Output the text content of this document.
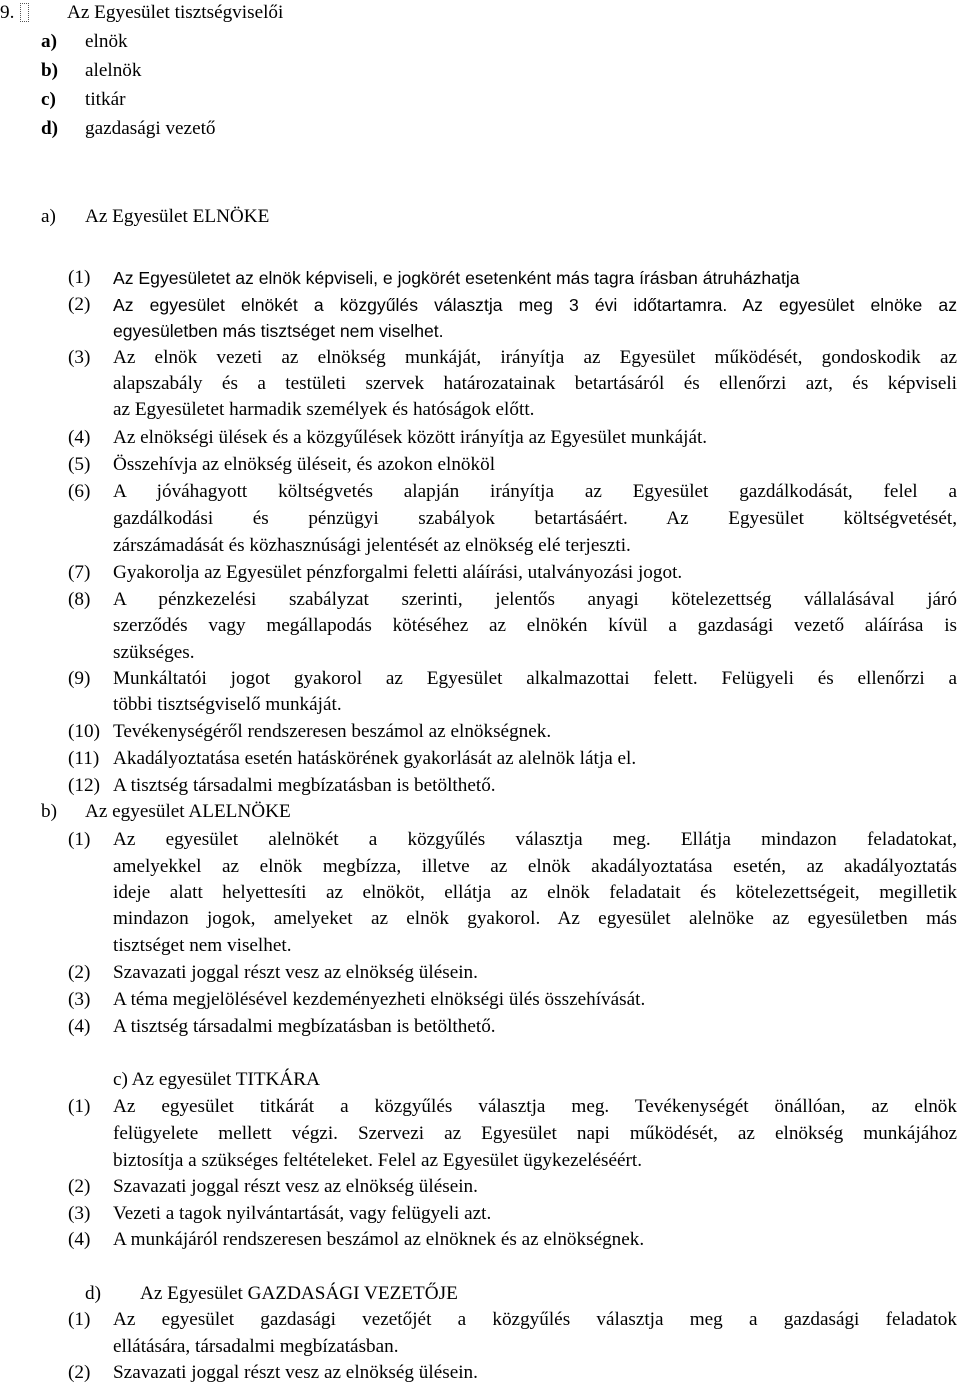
9.	Az Egyesület tisztségviselői
a) elnök
b) alelnök
c) titkár
d) gazdasági vezető
a) Az Egyesület ELNÖKE
(1) Az Egyesületet az elnök képviseli, e jogkörét esetenként más tagra írásban átruházhatja
(2) Az egyesület elnökét a közgyűlés választja meg 3 évi időtartamra. Az egyesület elnöke az
egyesületben más tisztséget nem viselhet.
(3) Az elnök vezeti az elnökség munkáját, irányítja az Egyesület működését, gondoskodik az
alapszabály és a testületi szervek határozatainak betartásáról és ellenőrzi azt, és képviseli
az Egyesületet harmadik személyek és hatóságok előtt.
(4) Az elnökségi ülések és a közgyűlések között irányítja az Egyesület munkáját.
(5) Összehívja az elnökség üléseit, és azokon elnököl
(6) A jóváhagyott költségvetés alapján irányítja az Egyesület gazdálkodását, felel a
gazdálkodási és pénzügyi szabályok betartásáért. Az Egyesület költségvetését,
zárszámadását és közhasznúsági jelentését az elnökség elé terjeszti.
(7) Gyakorolja az Egyesület pénzforgalmi feletti aláírási, utalványozási jogot.
(8) A pénzkezelési szabályzat szerinti, jelentős anyagi kötelezettség vállalásával járó
szerződés vagy megállapodás kötéséhez az elnökén kívül a gazdasági vezető aláírása is
szükséges.
(9) Munkáltatói jogot gyakorol az Egyesület alkalmazottai felett. Felügyeli és ellenőrzi a
többi tisztségviselő munkáját.
(10) Tevékenységéről rendszeresen beszámol az elnökségnek.
(11) Akadályoztatása esetén hatáskörének gyakorlását az alelnök látja el.
(12) A tisztség társadalmi megbízatásban is betölthető.
b) Az egyesület ALELNÖKE
(1) Az egyesület alelnökét a közgyűlés választja meg. Ellátja mindazon feladatokat,
amelyekkel az elnök megbízza, illetve az elnök akadályoztatása esetén, az akadályoztatás
ideje alatt helyettesíti az elnököt, ellátja az elnök feladatait és kötelezettségeit, megilletik
mindazon jogok, amelyeket az elnök gyakorol. Az egyesület alelnöke az egyesületben más
tisztséget nem viselhet.
(2) Szavazati joggal részt vesz az elnökség ülésein.
(3) A téma megjelölésével kezdeményezheti elnökségi ülés összehívását.
(4) A tisztség társadalmi megbízatásban is betölthető.
c) Az egyesület TITKÁRA
(1) Az egyesület titkárát a közgyűlés választja meg. Tevékenységét önállóan, az elnök
felügyelete mellett végzi. Szervezi az Egyesület napi működését, az elnökség munkájához
biztosítja a szükséges feltételeket. Felel az Egyesület ügykezeléséért.
(2) Szavazati joggal részt vesz az elnökség ülésein.
(3) Vezeti a tagok nyilvántartását, vagy felügyeli azt.
(4) A munkájáról rendszeresen beszámol az elnöknek és az elnökségnek.
d) Az Egyesület GAZDASÁGI VEZETŐJE
(1) Az egyesület gazdasági vezetőjét a közgyűlés választja meg a gazdasági feladatok
ellátására, társadalmi megbízatásban.
(2) Szavazati joggal részt vesz az elnökség ülésein.
